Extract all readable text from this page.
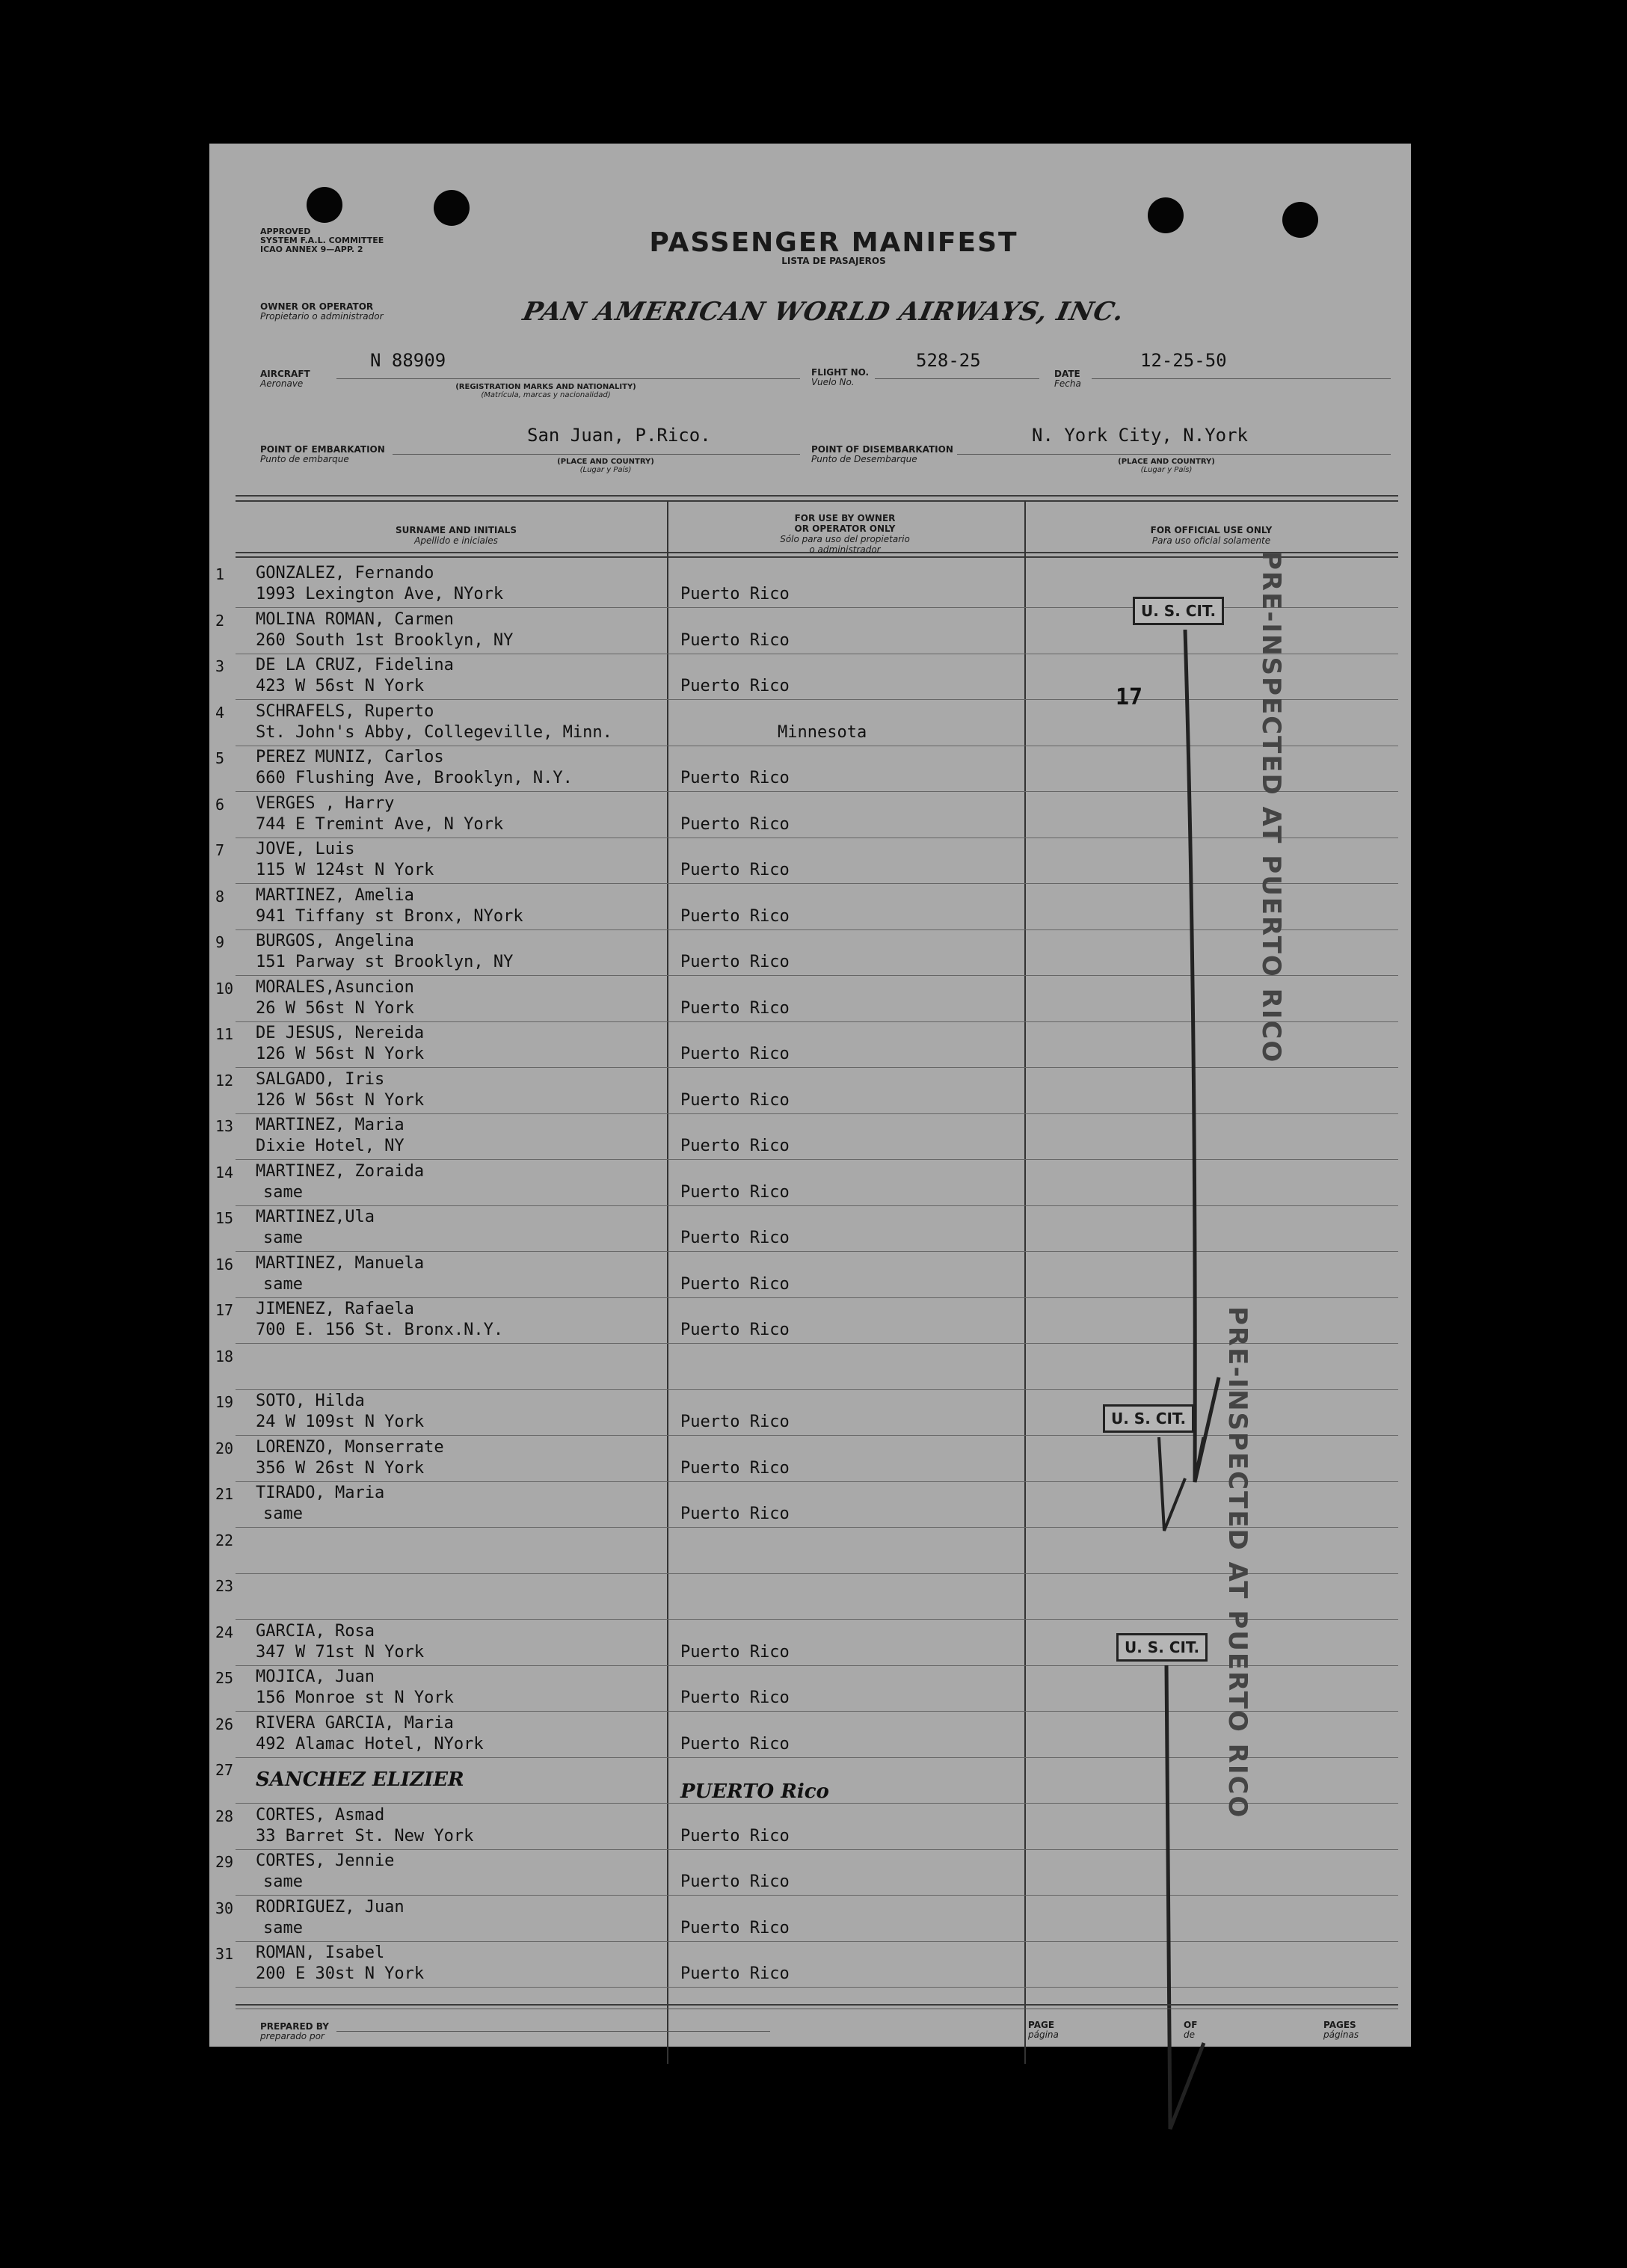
APPROVED
SYSTEM F.A.L. COMMITTEE
ICAO ANNEX 9—APP. 2	PASSENGER MANIFEST
LISTA DE PASAJEROS
OWNER OR OPERATOR
Propietario o administrador	PAN AMERICAN WORLD AIRWAYS, INC.
AIRCRAFT
Aeronave
N 88909
(REGISTRATION MARKS AND NATIONALITY)
(Matrícula, marcas y nacionalidad)
FLIGHT NO.
Vuelo No.
528-25
DATE
Fecha
12-25-50
POINT OF EMBARKATION
Punto de embarque
San Juan, P.Rico.
(PLACE AND COUNTRY)
(Lugar y País)
POINT OF DISEMBARKATION
Punto de Desembarque
N. York City, N.York
(PLACE AND COUNTRY)
(Lugar y País)
SURNAME AND INITIALS
Apellido e iniciales
FOR USE BY OWNER
OR OPERATOR ONLY
Sólo para uso del propietario
o administrador
FOR OFFICIAL USE ONLY
Para uso oficial solamente
1 GONZALEZ, Fernando
1993 Lexington Ave, NYork	Puerto Rico
2 MOLINA ROMAN, Carmen
260 South 1st Brooklyn, NY	Puerto Rico
3 DE LA CRUZ, Fidelina
423 W 56st N York	Puerto Rico
4 SCHRAFELS, Ruperto
St. John's Abby, Collegeville, Minn.	Minnesota
5 PEREZ MUNIZ, Carlos
660 Flushing Ave, Brooklyn, N.Y.	Puerto Rico
6 VERGES , Harry
744 E Tremint Ave, N York	Puerto Rico
7 JOVE, Luis
115 W 124st N York	Puerto Rico
8 MARTINEZ, Amelia
941 Tiffany st Bronx, NYork	Puerto Rico
9 BURGOS, Angelina
151 Parway st Brooklyn, NY	Puerto Rico
10 MORALES,Asuncion
26 W 56st N York	Puerto Rico
11 DE JESUS, Nereida
126 W 56st N York	Puerto Rico
12 SALGADO, Iris
126 W 56st N York	Puerto Rico
13 MARTINEZ, Maria
Dixie Hotel, NY	Puerto Rico
14 MARTINEZ, Zoraida
same	Puerto Rico
15 MARTINEZ,Ula
same	Puerto Rico
16 MARTINEZ, Manuela
same	Puerto Rico
17 JIMENEZ, Rafaela
700 E. 156 St. Bronx.N.Y.	Puerto Rico
18
19 SOTO, Hilda
24 W 109st N York	Puerto Rico
20 LORENZO, Monserrate
356 W 26st N York	Puerto Rico
21 TIRADO, Maria
same	Puerto Rico
22
23
24 GARCIA, Rosa
347 W 71st N York	Puerto Rico
25 MOJICA, Juan
156 Monroe st N York	Puerto Rico
26 RIVERA GARCIA, Maria
492 Alamac Hotel, NYork	Puerto Rico
27 SANCHEZ ELIZIER
PUERTO Rico
28 CORTES, Asmad
33 Barret St. New York	Puerto Rico
29 CORTES, Jennie
same	Puerto Rico
30 RODRIGUEZ, Juan
same	Puerto Rico
31 ROMAN, Isabel
200 E 30st N York	Puerto Rico
17
U. S. CIT.
U. S. CIT.
U. S. CIT.
PRE-INSPECTED AT PUERTO RICO
PRE-INSPECTED AT PUERTO RICO
PREPARED BY
preparado por
PAGE
página
OF
de
PAGES
páginas
